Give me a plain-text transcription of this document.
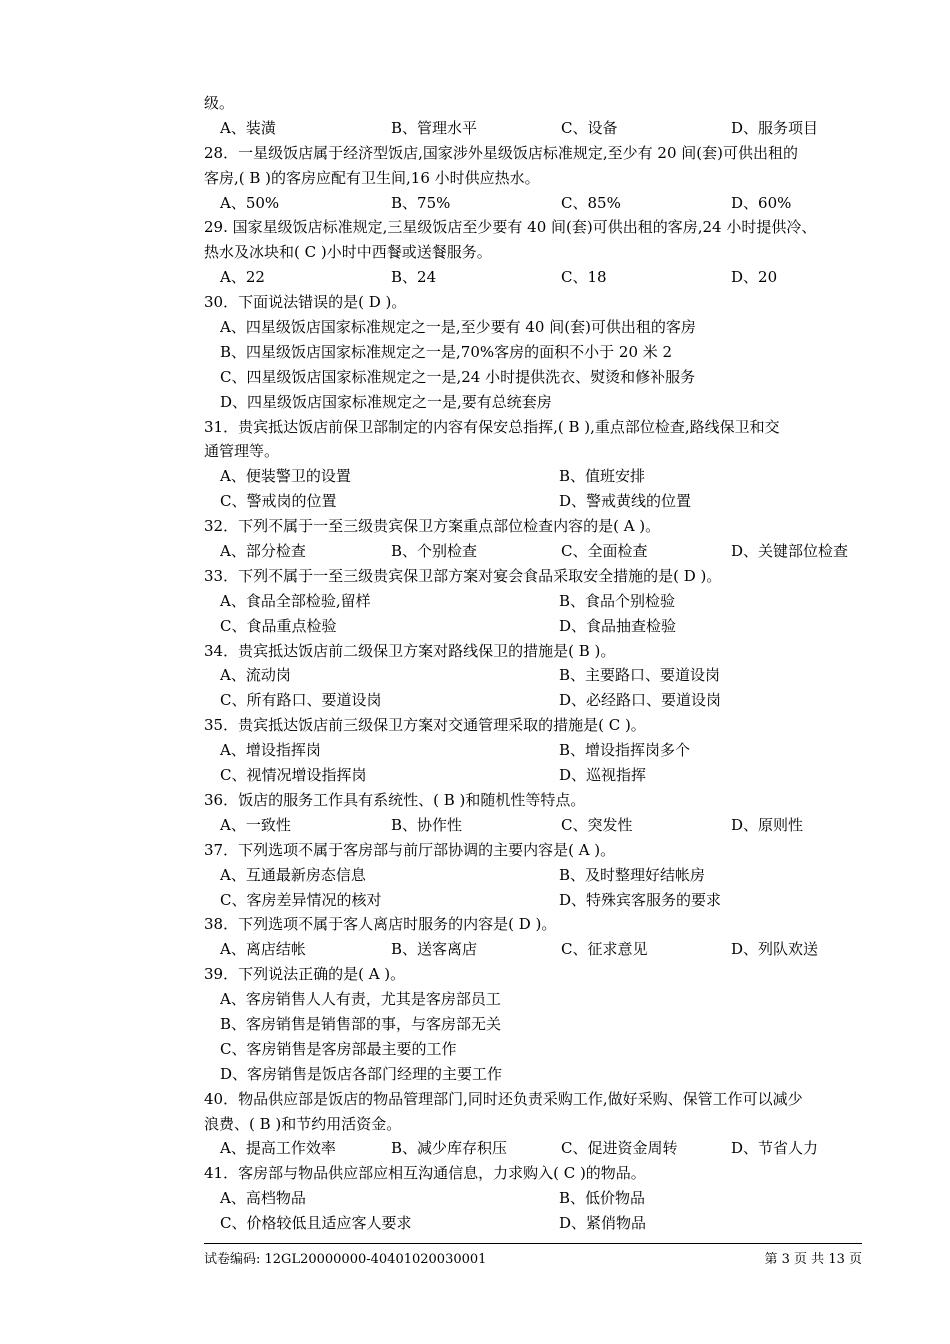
级。
A、装潢	B、管理水平	C、设备	D、服务项目
28．一星级饭店属于经济型饭店,国家涉外星级饭店标准规定,至少有 20 间(套)可供出租的
客房,( B )的客房应配有卫生间,16 小时供应热水。
A、50%	B、75%	C、85%	D、60%
29. 国家星级饭店标准规定,三星级饭店至少要有 40 间(套)可供出租的客房,24 小时提供冷、
热水及冰块和( C )小时中西餐或送餐服务。
A、22	B、24	C、18	D、20
30．下面说法错误的是( D )。
A、四星级饭店国家标准规定之一是,至少要有 40 间(套)可供出租的客房
B、四星级饭店国家标准规定之一是,70%客房的面积不小于 20 米 2
C、四星级饭店国家标准规定之一是,24 小时提供洗衣、熨烫和修补服务
D、四星级饭店国家标准规定之一是,要有总统套房
31．贵宾抵达饭店前保卫部制定的内容有保安总指挥,( B ),重点部位检查,路线保卫和交
通管理等。
A、便装警卫的设置	B、值班安排
C、警戒岗的位置	D、警戒黄线的位置
32．下列不属于一至三级贵宾保卫方案重点部位检查内容的是( A )。
A、部分检查	B、个别检查	C、全面检查	D、关键部位检查
33．下列不属于一至三级贵宾保卫部方案对宴会食品采取安全措施的是( D )。
A、食品全部检验,留样	B、食品个别检验
C、食品重点检验	D、食品抽查检验
34．贵宾抵达饭店前二级保卫方案对路线保卫的措施是( B )。
A、流动岗	B、主要路口、要道设岗
C、所有路口、要道设岗	D、必经路口、要道设岗
35．贵宾抵达饭店前三级保卫方案对交通管理采取的措施是( C )。
A、增设指挥岗	B、增设指挥岗多个
C、视情况增设指挥岗	D、巡视指挥
36．饭店的服务工作具有系统性、( B )和随机性等特点。
A、一致性	B、协作性	C、突发性	D、原则性
37．下列选项不属于客房部与前厅部协调的主要内容是( A )。
A、互通最新房态信息	B、及时整理好结帐房
C、客房差异情况的核对	D、特殊宾客服务的要求
38．下列选项不属于客人离店时服务的内容是( D )。
A、离店结帐	B、送客离店	C、征求意见	D、列队欢送
39．下列说法正确的是( A )。
A、客房销售人人有责，尤其是客房部员工
B、客房销售是销售部的事，与客房部无关
C、客房销售是客房部最主要的工作
D、客房销售是饭店各部门经理的主要工作
40．物品供应部是饭店的物品管理部门,同时还负责采购工作,做好采购、保管工作可以减少
浪费、( B )和节约用活资金。
A、提高工作效率	B、减少库存积压	C、促进资金周转	D、节省人力
41．客房部与物品供应部应相互沟通信息，力求购入( C )的物品。
A、高档物品	B、低价物品
C、价格较低且适应客人要求	D、紧俏物品
试卷编码: 12GL20000000-40401020030001	第 3 页 共 13 页
